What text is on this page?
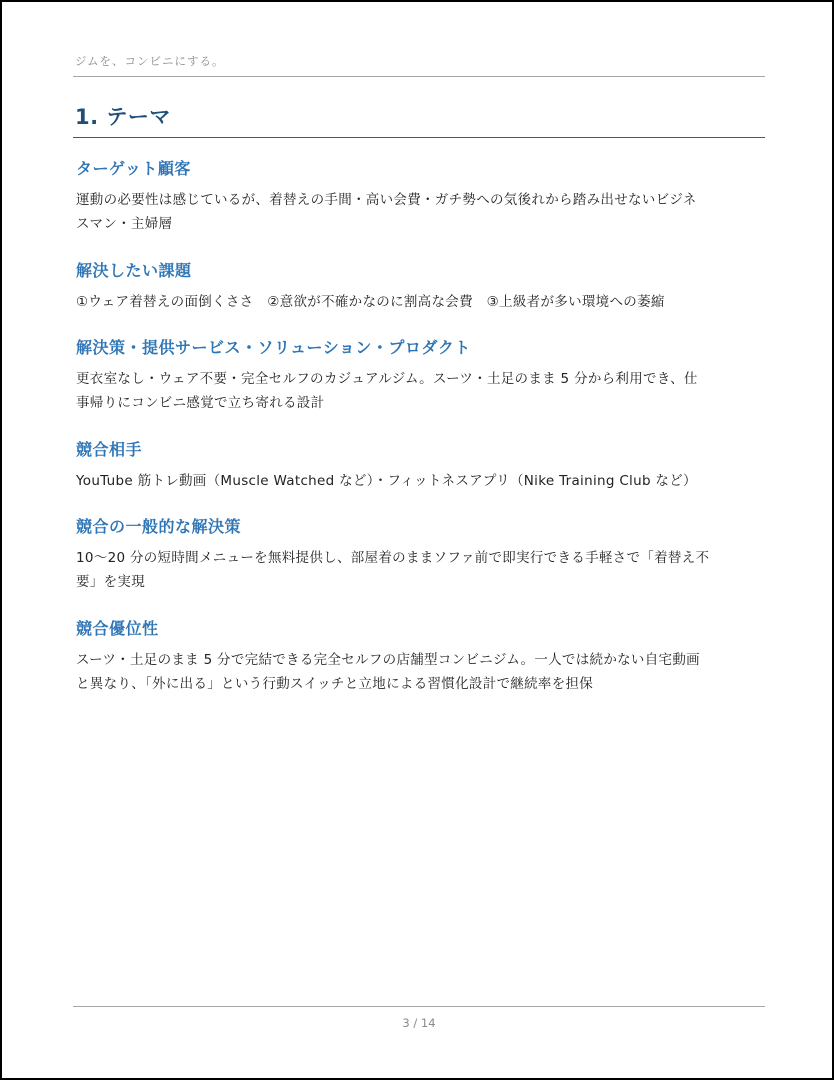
ジムを、コンビニにする。
1. テーマ
ターゲット顧客
運動の必要性は感じているが、着替えの手間・高い会費・ガチ勢への気後れから踏み出せないビジネ
スマン・主婦層
解決したい課題
①ウェア着替えの面倒くささ　②意欲が不確かなのに割高な会費　③上級者が多い環境への萎縮
解決策・提供サービス・ソリューション・プロダクト
更衣室なし・ウェア不要・完全セルフのカジュアルジム。スーツ・土足のまま 5 分から利用でき、仕
事帰りにコンビニ感覚で立ち寄れる設計
競合相手
YouTube 筋トレ動画（Muscle Watched など）・フィットネスアプリ（Nike Training Club など）
競合の一般的な解決策
10〜20 分の短時間メニューを無料提供し、部屋着のままソファ前で即実行できる手軽さで「着替え不
要」を実現
競合優位性
スーツ・土足のまま 5 分で完結できる完全セルフの店舗型コンビニジム。一人では続かない自宅動画
と異なり、「外に出る」という行動スイッチと立地による習慣化設計で継続率を担保
3 / 14
